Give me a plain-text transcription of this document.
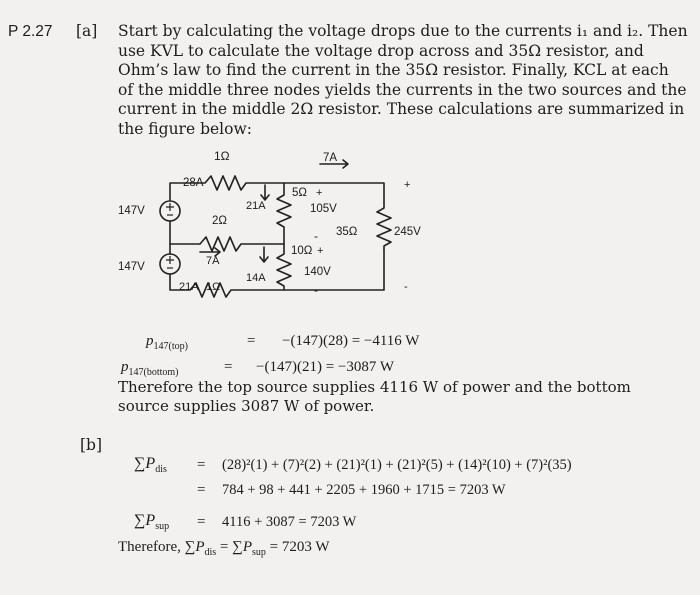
P 2.27 [a] Start by calculating the voltage drops due to the currents i₁ and i₂. Then
use KVL to calculate the voltage drop across and 35Ω resistor, and
Ohm’s law to find the current in the 35Ω resistor. Finally, KCL at each
of the middle three nodes yields the currents in the two sources and the
current in the middle 2Ω resistor. These calculations are summarized in
the figure below:
1Ω
28A
7A
147V
147V
2Ω
7A
21A
14A
5Ω +
105V
- 35Ω	245V
+
-
10Ω +
140V
-
21A 1Ω
$p_{147(top)}$	= −(147)(28) = −4116 W
$p_{147(bottom)}$	= −(147)(21) = −3087 W
Therefore the top source supplies 4116 W of power and the bottom
source supplies 3087 W of power.
[b]
$\sum P_{dis} = (28)^2(1) + (7)^2(2) + (21)^2(1) + (21)^2(5) + (14)^2(10) + (7)^2(35)$
= 784 + 98 + 441 + 2205 + 1960 + 1715 = 7203 W
$\sum P_{sup} = 4116 + 3087 = 7203$ W
Therefore, $\sum P_{dis} = \sum P_{sup} = 7203$ W
